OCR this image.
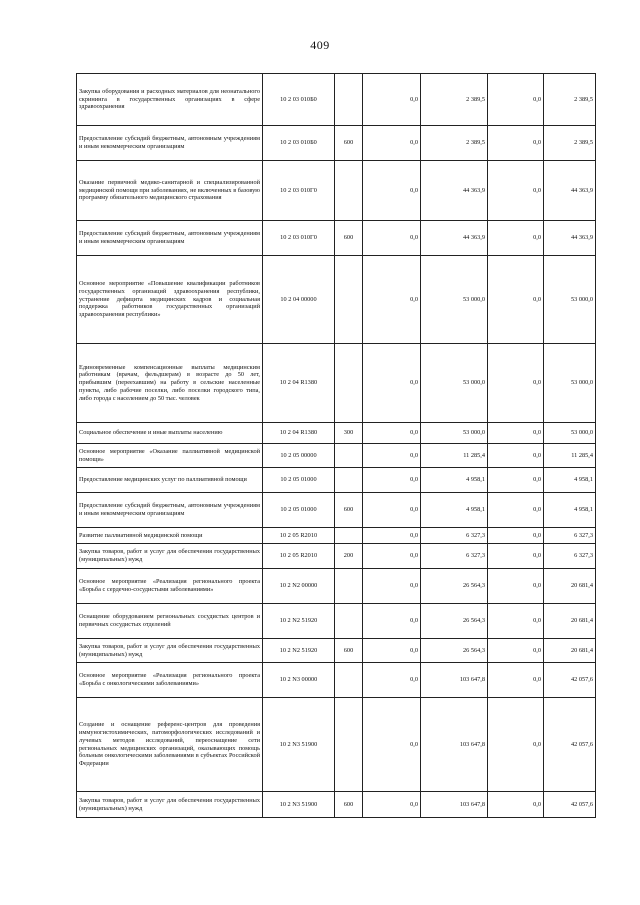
409
Закупка оборудования и расходных материалов для неонатального скрининга в государственных организациях в сфере здравоохранения	10 2 03 010Б0		0,0	2 389,5	0,0	2 389,5
Предоставление субсидий бюджетным, автономным учреждениям и иным некоммерческим организациям	10 2 03 010Б0	600	0,0	2 389,5	0,0	2 389,5
Оказание первичной медико-санитарной и специализированной медицинской помощи при заболеваниях, не включенных в базовую программу обязательного медицинского страхования	10 2 03 010Г0		0,0	44 363,9	0,0	44 363,9
Предоставление субсидий бюджетным, автономным учреждениям и иным некоммерческим организациям	10 2 03 010Г0	600	0,0	44 363,9	0,0	44 363,9
Основное мероприятие «Повышение квалификации работников государственных организаций здравоохранения республики, устранение дефицита медицинских кадров и социальная поддержка работников государственных организаций здравоохранения республики»	10 2 04 00000		0,0	53 000,0	0,0	53 000,0
Единовременные компенсационные выплаты медицинским работникам (врачам, фельдшерам) в возрасте до 50 лет, прибывшим (переехавшим) на работу в сельские населенные пункты, либо рабочие поселки, либо поселки городского типа, либо города с населением до 50 тыс. человек	10 2 04 R1380		0,0	53 000,0	0,0	53 000,0
Социальное обеспечение и иные выплаты населению	10 2 04 R1380	300	0,0	53 000,0	0,0	53 000,0
Основное мероприятие «Оказание паллиативной медицинской помощи»	10 2 05 00000		0,0	11 285,4	0,0	11 285,4
Предоставление медицинских услуг по паллиативной помощи	10 2 05 01000		0,0	4 958,1	0,0	4 958,1
Предоставление субсидий бюджетным, автономным учреждениям и иным некоммерческим организациям	10 2 05 01000	600	0,0	4 958,1	0,0	4 958,1
Развитие паллиативной медицинской помощи	10 2 05 R2010		0,0	6 327,3	0,0	6 327,3
Закупка товаров, работ и услуг для обеспечения государственных (муниципальных) нужд	10 2 05 R2010	200	0,0	6 327,3	0,0	6 327,3
Основное мероприятие «Реализация регионального проекта «Борьба с сердечно-сосудистыми заболеваниями»	10 2 N2 00000		0,0	26 564,3	0,0	20 681,4
Оснащение оборудованием региональных сосудистых центров и первичных сосудистых отделений	10 2 N2 51920		0,0	26 564,3	0,0	20 681,4
Закупка товаров, работ и услуг для обеспечения государственных (муниципальных) нужд	10 2 N2 51920	600	0,0	26 564,3	0,0	20 681,4
Основное мероприятие «Реализация регионального проекта «Борьба с онкологическими заболеваниями»	10 2 N3 00000		0,0	103 647,8	0,0	42 057,6
Создание и оснащение референс-центров для проведения иммуногистохимических, патоморфологических исследований и лучевых методов исследований, переоснащение сети региональных медицинских организаций, оказывающих помощь больным онкологическими заболеваниями в субъектах Российской Федерации	10 2 N3 51900		0,0	103 647,8	0,0	42 057,6
Закупка товаров, работ и услуг для обеспечения государственных (муниципальных) нужд	10 2 N3 51900	600	0,0	103 647,8	0,0	42 057,6
